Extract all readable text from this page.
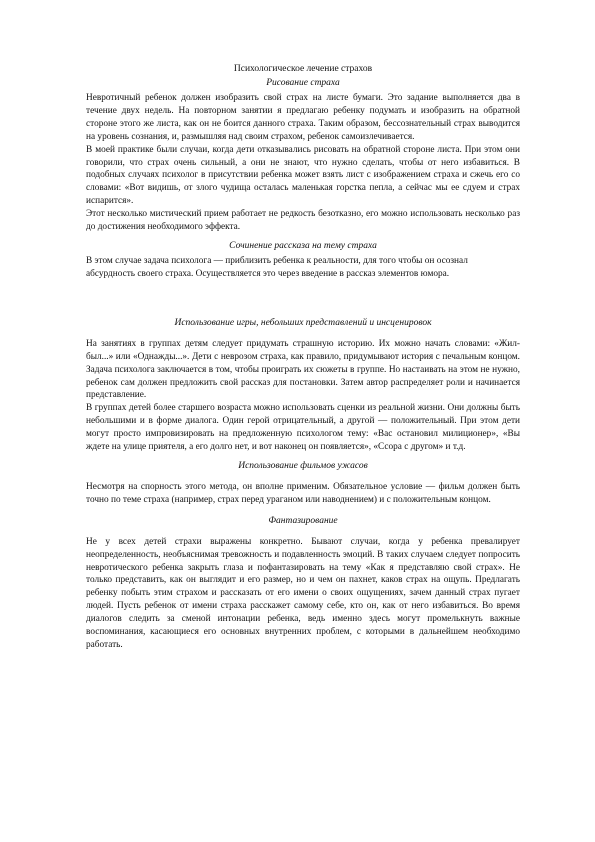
Психологическое лечение страхов
Рисование страха

Невротичный ребенок должен изобразить свой страх на листе бумаги. Это задание выполняется два в течение двух недель. На повторном занятии я предлагаю ребенку подумать и изобразить на обратной стороне этого же листа, как он не боится данного страха. Таким образом, бессознательный страх выводится на уровень сознания, и, размышляя над своим страхом, ребенок самоизлечивается.

В моей практике были случаи, когда дети отказывались рисовать на обратной стороне листа. При этом они говорили, что страх очень сильный, а они не знают, что нужно сделать, чтобы от него избавиться. В подобных случаях психолог в присутствии ребенка может взять лист с изображением страха и сжечь его со словами: «Вот видишь, от злого чудища осталась маленькая горстка пепла, а сейчас мы ее сдуем и страх испарится».

Этот несколько мистический прием работает не редкость безотказно, его можно использовать несколько раз до достижения необходимого эффекта.

Сочинение рассказа на тему страха

В этом случае задача психолога — приблизить ребенка к реальности, для того чтобы он осознал абсурдность своего страха. Осуществляется это через введение в рассказ элементов юмора.

Использование игры, небольших представлений и инсценировок

На занятиях в группах детям следует придумать страшную историю. Их можно начать словами: «Жил-был...» или «Однажды...». Дети с неврозом страха, как правило, придумывают история с печальным концом. Задача психолога заключается в том, чтобы проиграть их сюжеты в группе. Но настаивать на этом не нужно, ребенок сам должен предложить свой рассказ для постановки. Затем автор распределяет роли и начинается представление.

В группах детей более старшего возраста можно использовать сценки из реальной жизни. Они должны быть небольшими и в форме диалога. Один герой отрицательный, а другой — положительный. При этом дети могут просто импровизировать на предложенную психологом тему: «Вас остановил милиционер», «Вы ждете на улице приятеля, а его долго нет, и вот наконец он появляется», «Ссора с другом» и т.д.

Использование фильмов ужасов

Несмотря на спорность этого метода, он вполне применим. Обязательное условие — фильм должен быть точно по теме страха (например, страх перед ураганом или наводнением) и с положительным концом.

Фантазирование

Не у всех детей страхи выражены конкретно. Бывают случаи, когда у ребенка превалирует неопределенность, необъяснимая тревожность и подавленность эмоций. В таких случаем следует попросить невротического ребенка закрыть глаза и пофантазировать на тему «Как я представляю свой страх». Не только представить, как он выглядит и его размер, но и чем он пахнет, каков страх на ощупь. Предлагать ребенку побыть этим страхом и рассказать от его имени о своих ощущениях, зачем данный страх пугает людей. Пусть ребенок от имени страха расскажет самому себе, кто он, как от него избавиться. Во время диалогов следить за сменой интонации ребенка, ведь именно здесь могут промелькнуть важные воспоминания, касающиеся его основных внутренних проблем, с которыми в дальнейшем необходимо работать.
